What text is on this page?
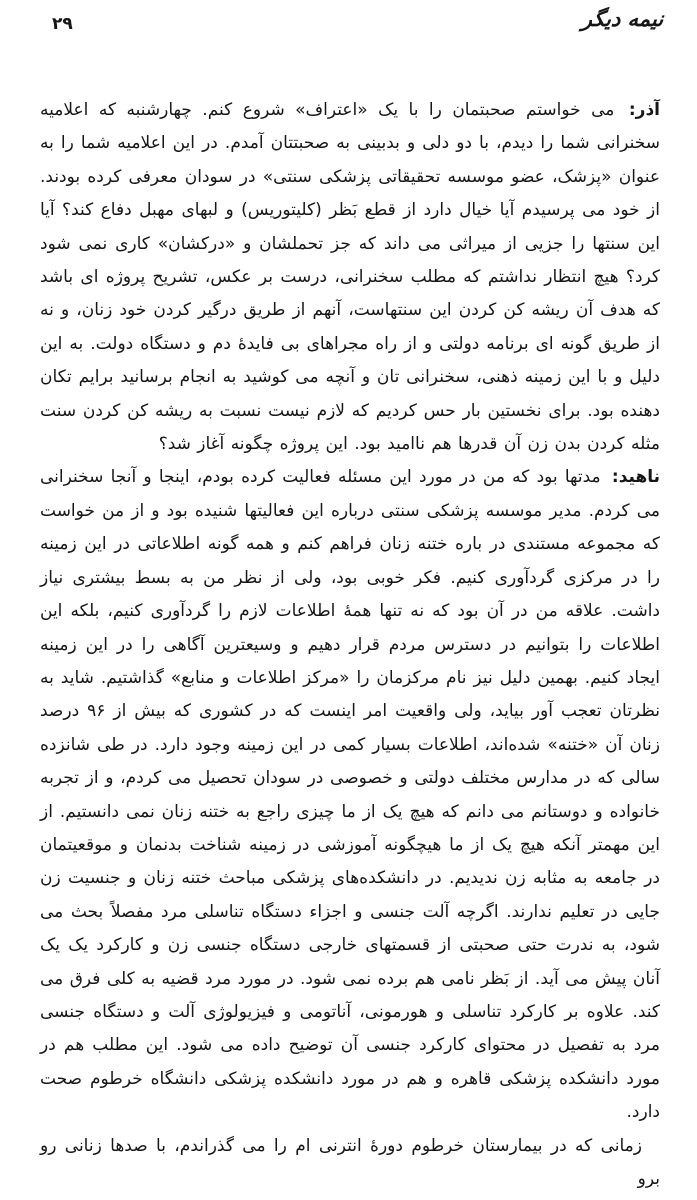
نیمه دیگر
۲۹

آذر: می خواستم صحبتمان را با یک «اعتراف» شروع کنم. چهارشنبه که اعلامیه سخنرانی شما را دیدم، با دو دلی و بدبینی به صحبتتان آمدم. در این اعلامیه شما را به عنوان «پزشک، عضو موسسه تحقیقاتی پزشکی سنتی» در سودان معرفی کرده بودند. از خود می پرسیدم آیا خیال دارد از قطع بَظر (کلیتوریس) و لبهای مهبل دفاع کند؟ آیا این سنتها را جزیی از میراثی می داند که جز تحملشان و «درکشان» کاری نمی شود کرد؟ هیچ انتظار نداشتم که مطلب سخنرانی، درست بر عکس، تشریح پروژه ای باشد که هدف آن ریشه کن کردن این سنتهاست، آنهم از طریق درگیر کردن خود زنان، و نه از طریق گونه ای برنامه دولتی و از راه مجراهای بی فایدهٔ دم و دستگاه دولت. به این دلیل و با این زمینه ذهنی، سخنرانی تان و آنچه می کوشید به انجام برسانید برایم تکان دهنده بود. برای نخستین بار حس کردیم که لازم نیست نسبت به ریشه کن کردن سنت مثله کردن بدن زن آن قدرها هم ناامید بود. این پروژه چگونه آغاز شد؟

ناهید: مدتها بود که من در مورد این مسئله فعالیت کرده بودم، اینجا و آنجا سخنرانی می کردم. مدیر موسسه پزشکی سنتی درباره این فعالیتها شنیده بود و از من خواست که مجموعه مستندی در باره ختنه زنان فراهم کنم و همه گونه اطلاعاتی در این زمینه را در مرکزی گردآوری کنیم. فکر خوبی بود، ولی از نظر من به بسط بیشتری نیاز داشت. علاقه من در آن بود که نه تنها همهٔ اطلاعات لازم را گردآوری کنیم، بلکه این اطلاعات را بتوانیم در دسترس مردم قرار دهیم و وسیعترین آگاهی را در این زمینه ایجاد کنیم. بهمین دلیل نیز نام مرکزمان را «مرکز اطلاعات و منابع» گذاشتیم. شاید به نظرتان تعجب آور بیاید، ولی واقعیت امر اینست که در کشوری که بیش از ۹۶ درصد زنان آن «ختنه» شده‌اند، اطلاعات بسیار کمی در این زمینه وجود دارد. در طی شانزده سالی که در مدارس مختلف دولتی و خصوصی در سودان تحصیل می کردم، و از تجربه خانواده و دوستانم می دانم که هیچ یک از ما چیزی راجع به ختنه زنان نمی دانستیم. از این مهمتر آنکه هیچ یک از ما هیچگونه آموزشی در زمینه شناخت بدنمان و موقعیتمان در جامعه به مثابه زن ندیدیم. در دانشکده‌های پزشکی مباحث ختنه زنان و جنسیت زن جایی در تعلیم ندارند. اگرچه آلت جنسی و اجزاء دستگاه تناسلی مرد مفصلاً بحث می شود، به ندرت حتی صحبتی از قسمتهای خارجی دستگاه جنسی زن و کارکرد یک یک آنان پیش می آید. از بَظر نامی هم برده نمی شود. در مورد مرد قضیه به کلی فرق می کند. علاوه بر کارکرد تناسلی و هورمونی، آناتومی و فیزیولوژی آلت و دستگاه جنسی مرد به تفصیل در محتوای کارکرد جنسی آن توضیح داده می شود. این مطلب هم در مورد دانشکده پزشکی قاهره و هم در مورد دانشکده پزشکی دانشگاه خرطوم صحت دارد.

زمانی که در بیمارستان خرطوم دورهٔ انترنی ام را می گذراندم، با صدها زنانی رو برو
